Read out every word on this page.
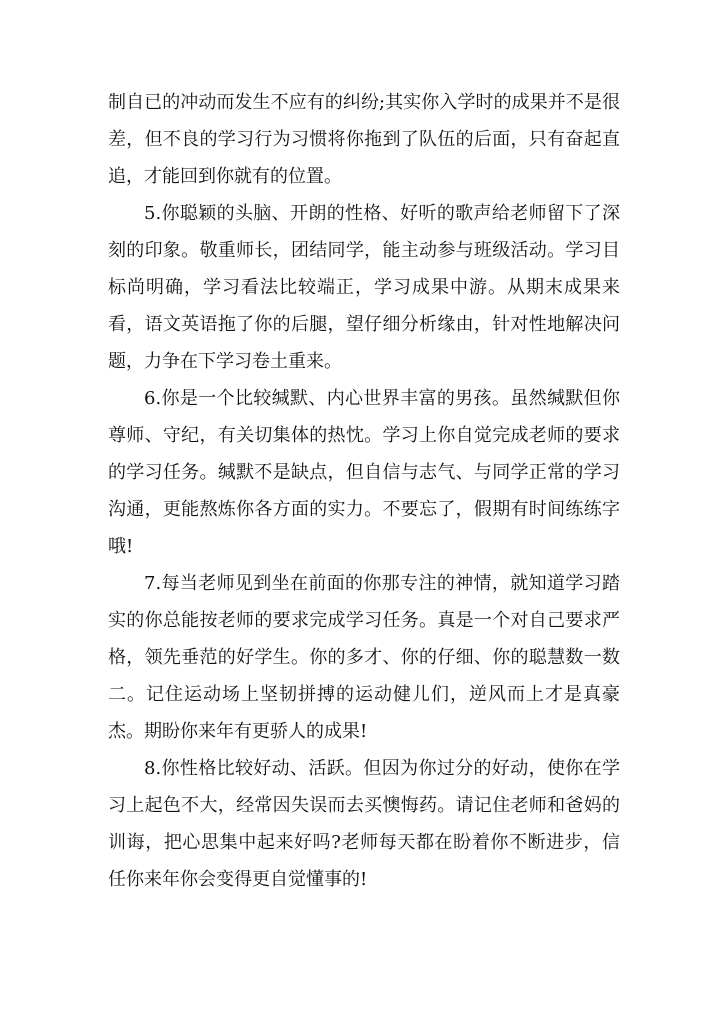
制自已的冲动而发生不应有的纠纷;其实你入学时的成果并不是很差，但不良的学习行为习惯将你拖到了队伍的后面，只有奋起直追，才能回到你就有的位置。

5.你聪颖的头脑、开朗的性格、好听的歌声给老师留下了深刻的印象。敬重师长，团结同学，能主动参与班级活动。学习目标尚明确，学习看法比较端正，学习成果中游。从期末成果来看，语文英语拖了你的后腿，望仔细分析缘由，针对性地解决问题，力争在下学习卷土重来。

6.你是一个比较缄默、内心世界丰富的男孩。虽然缄默但你尊师、守纪，有关切集体的热忱。学习上你自觉完成老师的要求的学习任务。缄默不是缺点，但自信与志气、与同学正常的学习沟通，更能熬炼你各方面的实力。不要忘了，假期有时间练练字哦!

7.每当老师见到坐在前面的你那专注的神情，就知道学习踏实的你总能按老师的要求完成学习任务。真是一个对自己要求严格，领先垂范的好学生。你的多才、你的仔细、你的聪慧数一数二。记住运动场上坚韧拼搏的运动健儿们，逆风而上才是真豪杰。期盼你来年有更骄人的成果!

8.你性格比较好动、活跃。但因为你过分的好动，使你在学习上起色不大，经常因失误而去买懊悔药。请记住老师和爸妈的训诲，把心思集中起来好吗?老师每天都在盼着你不断进步，信任你来年你会变得更自觉懂事的!
